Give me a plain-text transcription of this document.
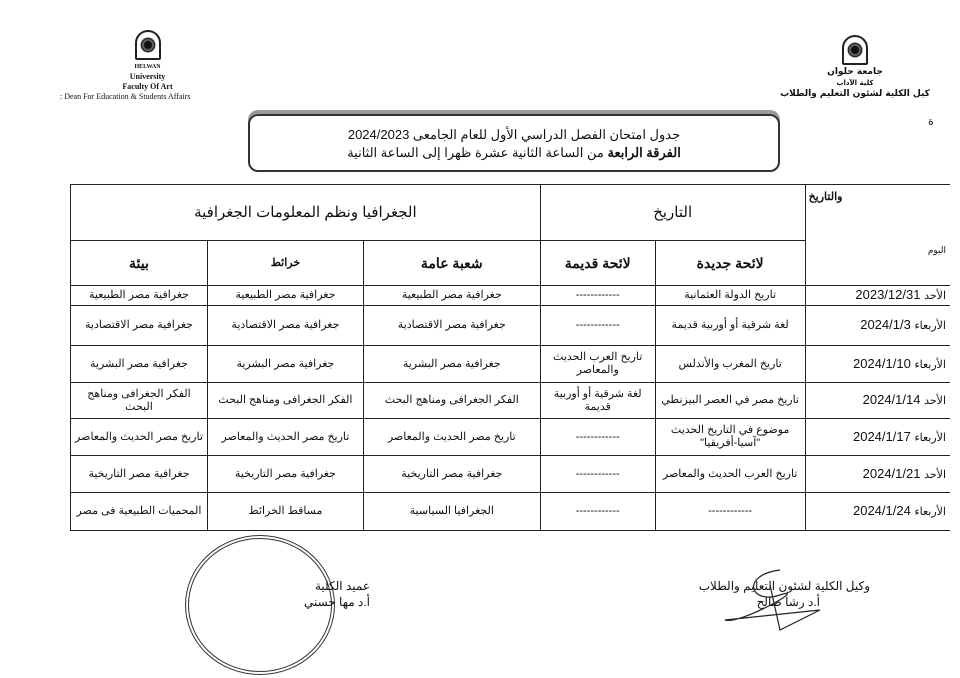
HELWAN
University
Faculty Of Art
: Dean For Education & Students Affairs
جامعة حلوان
كلية الآداب
كيل الكلية لشئون التعليم والطلاب
ة
جدول امتحان الفصل الدراسي الأول للعام الجامعى 2024/2023
الفرقة الرابعة من الساعة الثانية عشرة ظهرا إلى الساعة الثانية
والتاريخ
اليوم	التاريخ		الجغرافيا ونظم المعلومات الجغرافية		
	لائحة جديدة	لائحة قديمة	شعبة عامة	خرائط	بيئة
الأحد 2023/12/31	تاريخ الدولة العثمانية	------------	جغرافية مصر الطبيعية	جغرافية مصر الطبيعية	جغرافية مصر الطبيعية
الأربعاء 2024/1/3	لغة شرقية أو أوربية قديمة	------------	جغرافية مصر الاقتصادية	جغرافية مصر الاقتصادية	جغرافية مصر الاقتصادية
الأربعاء 2024/1/10	تاريخ المغرب والأندلس	تاريخ العرب الحديث والمعاصر	جغرافية مصر البشرية	جغرافية مصر البشرية	جغرافية مصر البشرية
الأحد 2024/1/14	تاريخ مصر في العصر البيزنطي	لغة شرقية أو أوربية قديمة	الفكر الجغرافى ومناهج البحث	الفكر الجغرافى ومناهج البحث	الفكر الجغرافى ومناهج البحث
الأربعاء 2024/1/17	موضوع في التاريخ الحديث "آسيا-أفريقيا"	------------	تاريخ مصر الحديث والمعاصر	تاريخ مصر الحديث والمعاصر	تاريخ مصر الحديث والمعاصر
الأحد 2024/1/21	تاريخ العرب الحديث والمعاصر	------------	جغرافية مصر التاريخية	جغرافية مصر التاريخية	جغرافية مصر التاريخية
الأربعاء 2024/1/24	------------	------------	الجغرافيا السياسية	مساقط الخرائط	المحميات الطبيعية فى مصر
عميد الكلية
أ.د مها حسني
وكيل الكلية لشئون التعليم والطلاب
أ.د رشا صالح
